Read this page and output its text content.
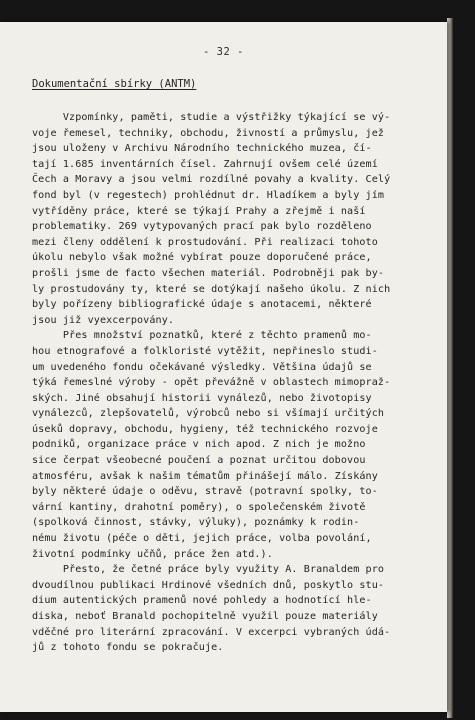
- 32 -
Dokumentační sbírky (ANTM)
Vzpomínky, paměti, studie a výstřižky týkající se vý-
voje řemesel, techniky, obchodu, živností a průmyslu, jež
jsou uloženy v Archivu Národního technického muzea, čí-
tají 1.685 inventárních čísel. Zahrnují ovšem celé území
Čech a Moravy a jsou velmi rozdílné povahy a kvality. Celý
fond byl (v regestech) prohlédnut dr. Hladíkem a byly jím
vytříděny práce, které se týkají Prahy a zřejmě i naší
problematiky. 269 vytypovaných prací pak bylo rozděleno
mezi členy oddělení k prostudování. Při realizaci tohoto
úkolu nebylo však možné vybírat pouze doporučené práce,
prošli jsme de facto všechen materiál. Podrobněji pak by-
ly prostudovány ty, které se dotýkají našeho úkolu. Z nich
byly pořízeny bibliografické údaje s anotacemi, některé
jsou již vyexcerpovány.
Přes množství poznatků, které z těchto pramenů mo-
hou etnografové a folkloristé vytěžit, nepřineslo studi-
um uvedeného fondu očekávané výsledky. Většina údajů se
týká řemeslné výroby - opět převážně v oblastech mimopraž-
ských. Jiné obsahují historii vynálezů, nebo životopisy
vynálezců, zlepšovatelů, výrobců nebo si všímají určitých
úseků dopravy, obchodu, hygieny, též technického rozvoje
podniků, organizace práce v nich apod. Z nich je možno
sice čerpat všeobecné poučení a poznat určitou dobovou
atmosféru, avšak k našim tématům přinášejí málo. Získány
byly některé údaje o oděvu, stravě (potravní spolky, to-
vární kantiny, drahotní poměry), o společenském životě
(spolková činnost, stávky, výluky), poznámky k rodin-
nému životu (péče o děti, jejich práce, volba povolání,
životní podmínky učňů, práce žen atd.).
Přesto, že četné práce byly využity A. Branaldem pro
dvoudílnou publikaci Hrdinové všedních dnů, poskytlo stu-
dium autentických pramenů nové pohledy a hodnotící hle-
diska, neboť Branald pochopitelně využil pouze materiály
vděčné pro literární zpracování. V excerpci vybraných údá-
jů z tohoto fondu se pokračuje.
